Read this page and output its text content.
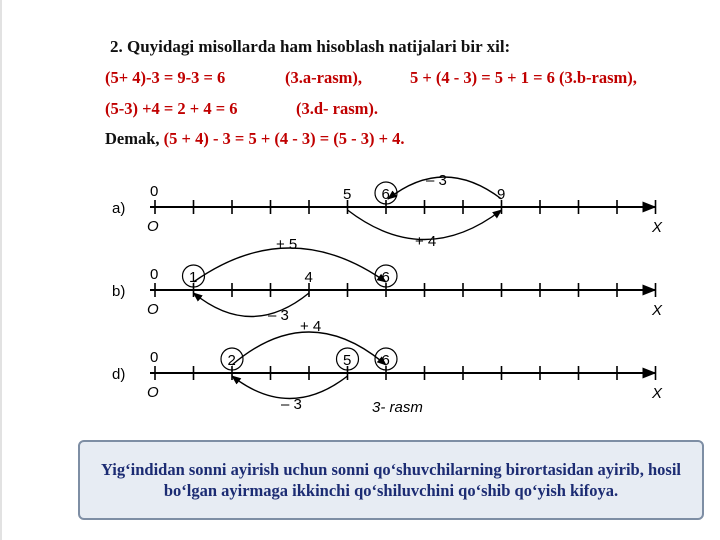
2. Quyidagi misollarda ham hisoblash natijalari bir xil:
(5+ 4)-3 = 9-3 = 6	(3.a-rasm),	5 + (4 - 3) = 5 + 1 = 6 (3.b-rasm),
(5-3) +4 = 2 + 4 = 6	(3.d- rasm).
Demak, (5 + 4) - 3 = 5 + (4 - 3) = (5 - 3) + 4.
a)
0
O	X
5 6	9
b)
0
O	X
1	4	6
d)
0
O	X
2	5 6
+ 4
– 3
+ 5
– 3
+ 4
– 3	3- rasm
Yig‘indidan sonni ayirish uchun sonni qo‘shuvchilarning birortasidan ayirib, hosil bo‘lgan ayirmaga ikkinchi qo‘shiluvchini qo‘shib qo‘yish kifoya.
